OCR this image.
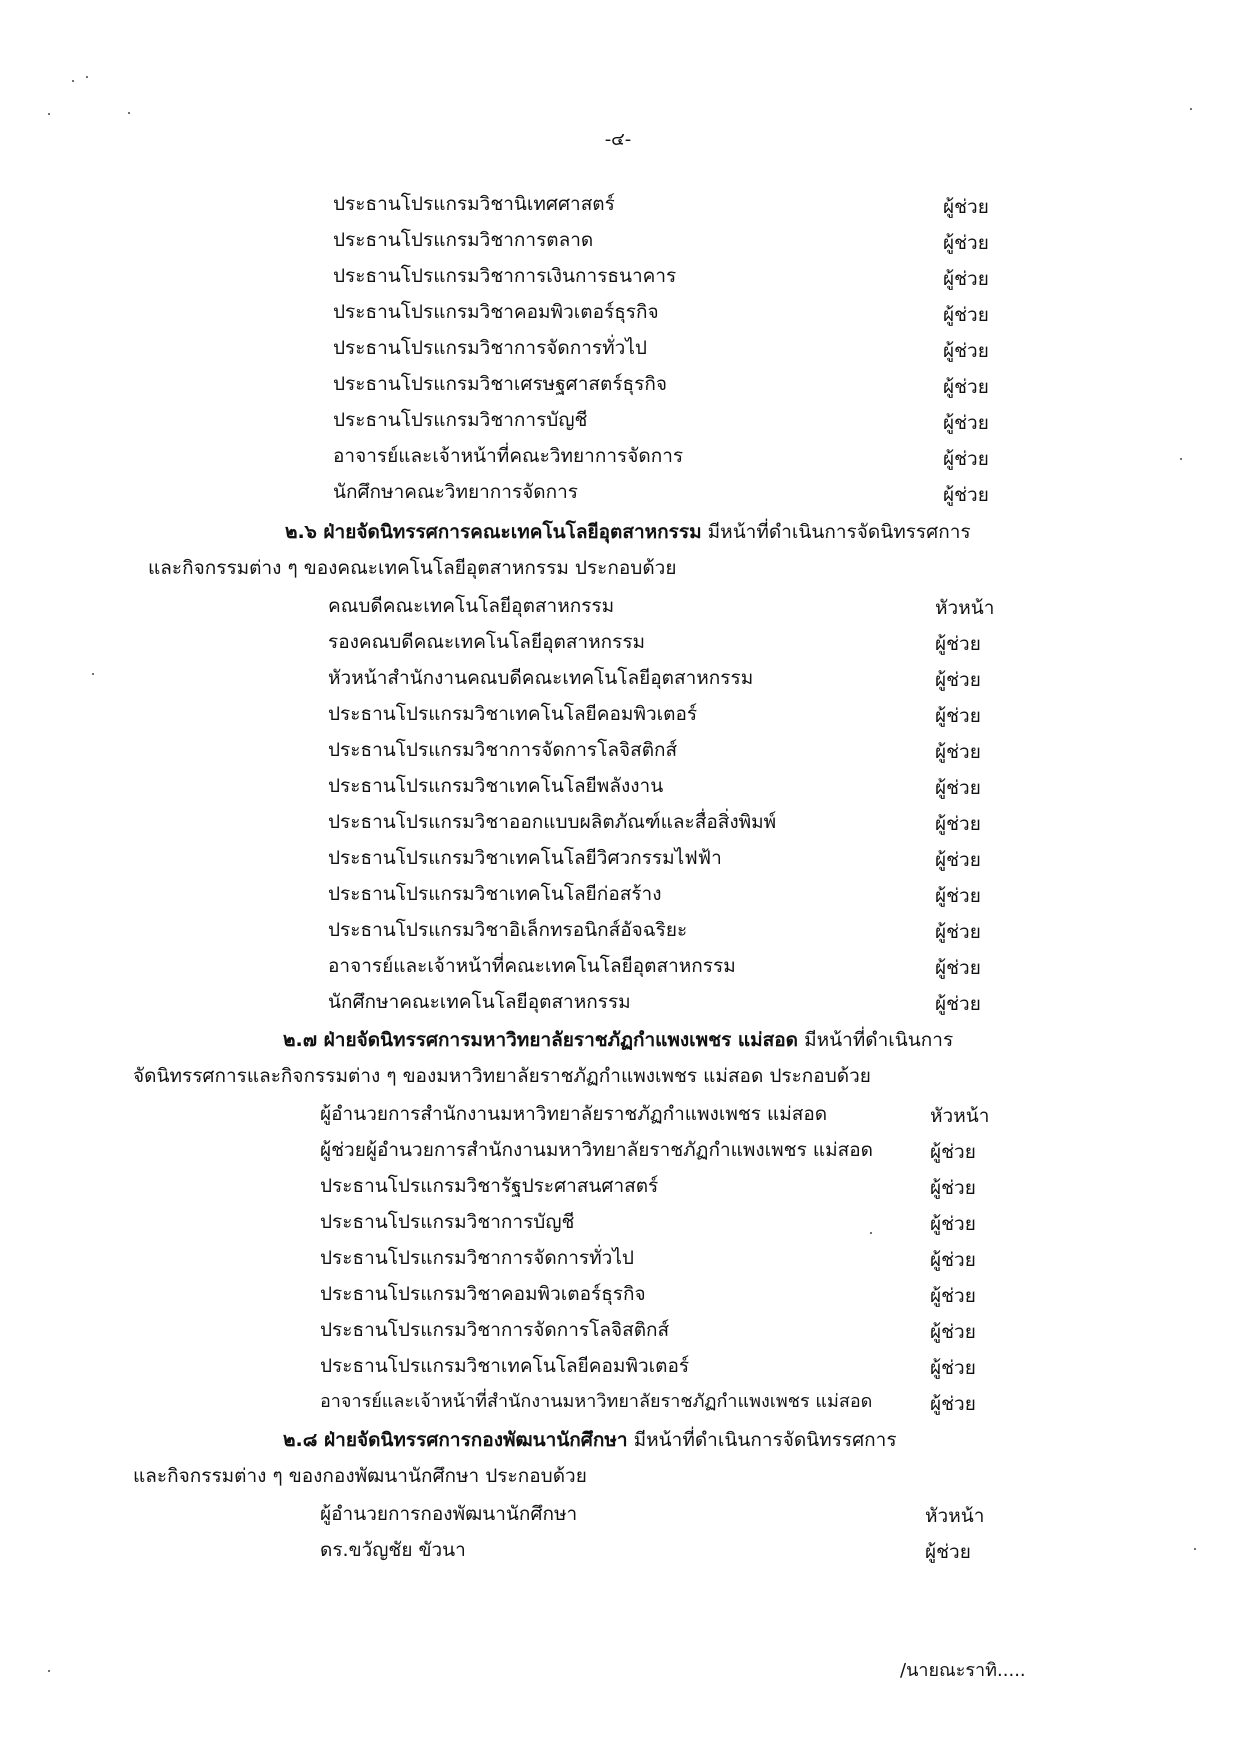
-๔-
ประธานโปรแกรมวิชานิเทศศาสตร์	ผู้ช่วย
ประธานโปรแกรมวิชาการตลาด	ผู้ช่วย
ประธานโปรแกรมวิชาการเงินการธนาคาร	ผู้ช่วย
ประธานโปรแกรมวิชาคอมพิวเตอร์ธุรกิจ	ผู้ช่วย
ประธานโปรแกรมวิชาการจัดการทั่วไป	ผู้ช่วย
ประธานโปรแกรมวิชาเศรษฐศาสตร์ธุรกิจ	ผู้ช่วย
ประธานโปรแกรมวิชาการบัญชี	ผู้ช่วย
อาจารย์และเจ้าหน้าที่คณะวิทยาการจัดการ	ผู้ช่วย
นักศึกษาคณะวิทยาการจัดการ	ผู้ช่วย
๒.๖ ฝ่ายจัดนิทรรศการคณะเทคโนโลยีอุตสาหกรรม มีหน้าที่ดำเนินการจัดนิทรรศการ
และกิจกรรมต่าง ๆ ของคณะเทคโนโลยีอุตสาหกรรม ประกอบด้วย
คณบดีคณะเทคโนโลยีอุตสาหกรรม	หัวหน้า
รองคณบดีคณะเทคโนโลยีอุตสาหกรรม	ผู้ช่วย
หัวหน้าสำนักงานคณบดีคณะเทคโนโลยีอุตสาหกรรม	ผู้ช่วย
ประธานโปรแกรมวิชาเทคโนโลยีคอมพิวเตอร์	ผู้ช่วย
ประธานโปรแกรมวิชาการจัดการโลจิสติกส์	ผู้ช่วย
ประธานโปรแกรมวิชาเทคโนโลยีพลังงาน	ผู้ช่วย
ประธานโปรแกรมวิชาออกแบบผลิตภัณฑ์และสื่อสิ่งพิมพ์	ผู้ช่วย
ประธานโปรแกรมวิชาเทคโนโลยีวิศวกรรมไฟฟ้า	ผู้ช่วย
ประธานโปรแกรมวิชาเทคโนโลยีก่อสร้าง	ผู้ช่วย
ประธานโปรแกรมวิชาอิเล็กทรอนิกส์อัจฉริยะ	ผู้ช่วย
อาจารย์และเจ้าหน้าที่คณะเทคโนโลยีอุตสาหกรรม	ผู้ช่วย
นักศึกษาคณะเทคโนโลยีอุตสาหกรรม	ผู้ช่วย
๒.๗ ฝ่ายจัดนิทรรศการมหาวิทยาลัยราชภัฏกำแพงเพชร แม่สอด มีหน้าที่ดำเนินการ
จัดนิทรรศการและกิจกรรมต่าง ๆ ของมหาวิทยาลัยราชภัฏกำแพงเพชร แม่สอด ประกอบด้วย
ผู้อำนวยการสำนักงานมหาวิทยาลัยราชภัฏกำแพงเพชร แม่สอด	หัวหน้า
ผู้ช่วยผู้อำนวยการสำนักงานมหาวิทยาลัยราชภัฏกำแพงเพชร แม่สอด	ผู้ช่วย
ประธานโปรแกรมวิชารัฐประศาสนศาสตร์	ผู้ช่วย
ประธานโปรแกรมวิชาการบัญชี	ผู้ช่วย
ประธานโปรแกรมวิชาการจัดการทั่วไป	ผู้ช่วย
ประธานโปรแกรมวิชาคอมพิวเตอร์ธุรกิจ	ผู้ช่วย
ประธานโปรแกรมวิชาการจัดการโลจิสติกส์	ผู้ช่วย
ประธานโปรแกรมวิชาเทคโนโลยีคอมพิวเตอร์	ผู้ช่วย
อาจารย์และเจ้าหน้าที่สำนักงานมหาวิทยาลัยราชภัฏกำแพงเพชร แม่สอด	ผู้ช่วย
๒.๘ ฝ่ายจัดนิทรรศการกองพัฒนานักศึกษา มีหน้าที่ดำเนินการจัดนิทรรศการ
และกิจกรรมต่าง ๆ ของกองพัฒนานักศึกษา ประกอบด้วย
ผู้อำนวยการกองพัฒนานักศึกษา	หัวหน้า
ดร.ขวัญชัย ขัวนา	ผู้ช่วย
/นายณะราทิ.....
